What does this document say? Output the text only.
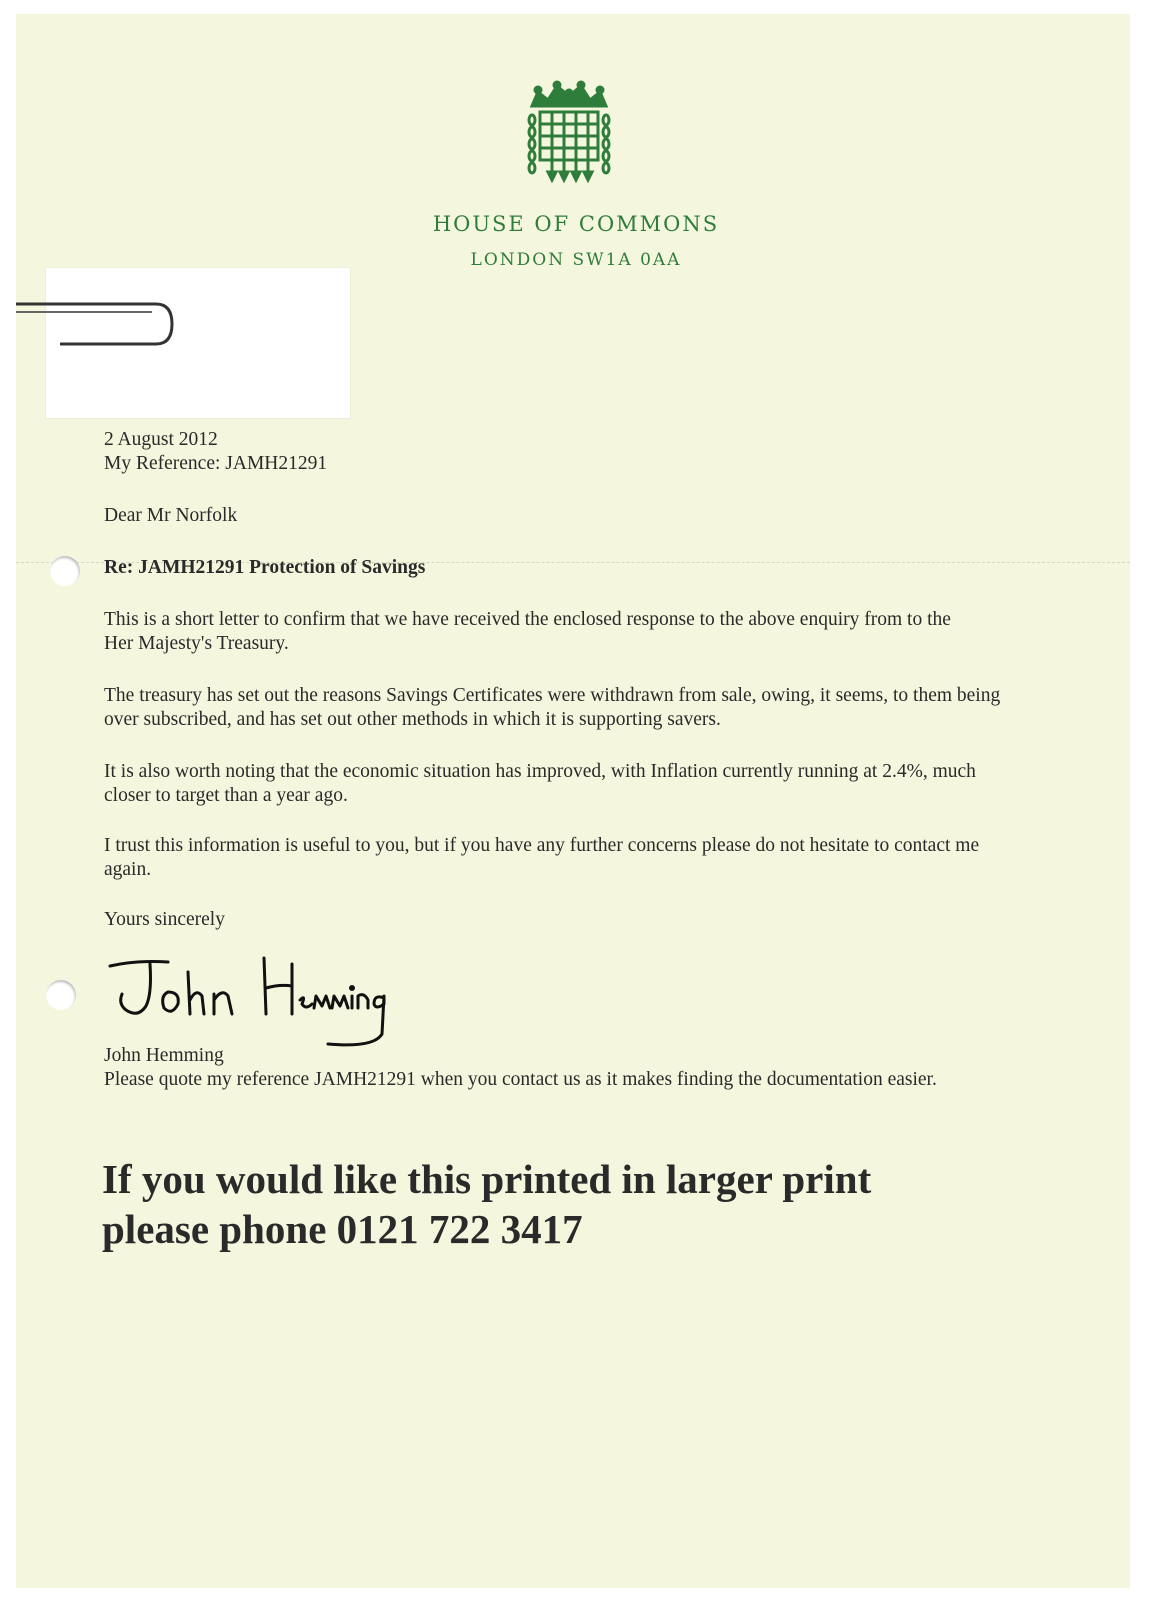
HOUSE OF COMMONS
LONDON SW1A 0AA
2 August 2012
My Reference: JAMH21291
Dear Mr Norfolk
Re: JAMH21291 Protection of Savings
This is a short letter to confirm that we have received the enclosed response to the above enquiry from to the Her Majesty's Treasury.
The treasury has set out the reasons Savings Certificates were withdrawn from sale, owing, it seems, to them being over subscribed, and has set out other methods in which it is supporting savers.
It is also worth noting that the economic situation has improved, with Inflation currently running at 2.4%, much closer to target than a year ago.
I trust this information is useful to you, but if you have any further concerns please do not hesitate to contact me again.
Yours sincerely
John Hemming
Please quote my reference JAMH21291 when you contact us as it makes finding the documentation easier.
If you would like this printed in larger print
please phone 0121 722 3417
